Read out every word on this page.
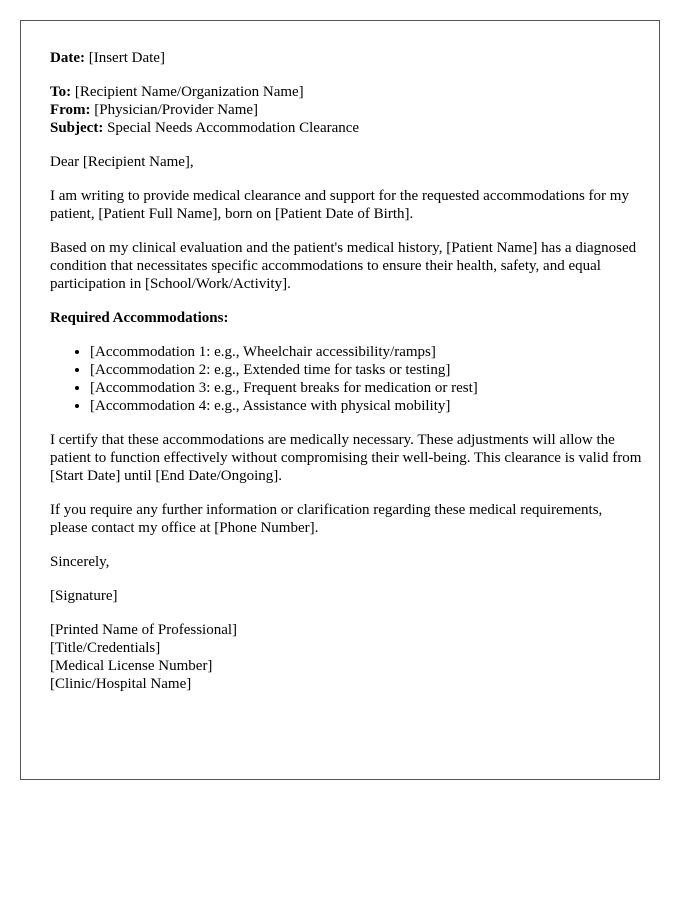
Date: [Insert Date]

To: [Recipient Name/Organization Name]
From: [Physician/Provider Name]
Subject: Special Needs Accommodation Clearance

Dear [Recipient Name],

I am writing to provide medical clearance and support for the requested accommodations for my patient, [Patient Full Name], born on [Patient Date of Birth].

Based on my clinical evaluation and the patient's medical history, [Patient Name] has a diagnosed condition that necessitates specific accommodations to ensure their health, safety, and equal participation in [School/Work/Activity].

Required Accommodations:

• [Accommodation 1: e.g., Wheelchair accessibility/ramps]
• [Accommodation 2: e.g., Extended time for tasks or testing]
• [Accommodation 3: e.g., Frequent breaks for medication or rest]
• [Accommodation 4: e.g., Assistance with physical mobility]

I certify that these accommodations are medically necessary. These adjustments will allow the patient to function effectively without compromising their well-being. This clearance is valid from [Start Date] until [End Date/Ongoing].

If you require any further information or clarification regarding these medical requirements, please contact my office at [Phone Number].

Sincerely,

[Signature]

[Printed Name of Professional]
[Title/Credentials]
[Medical License Number]
[Clinic/Hospital Name]
